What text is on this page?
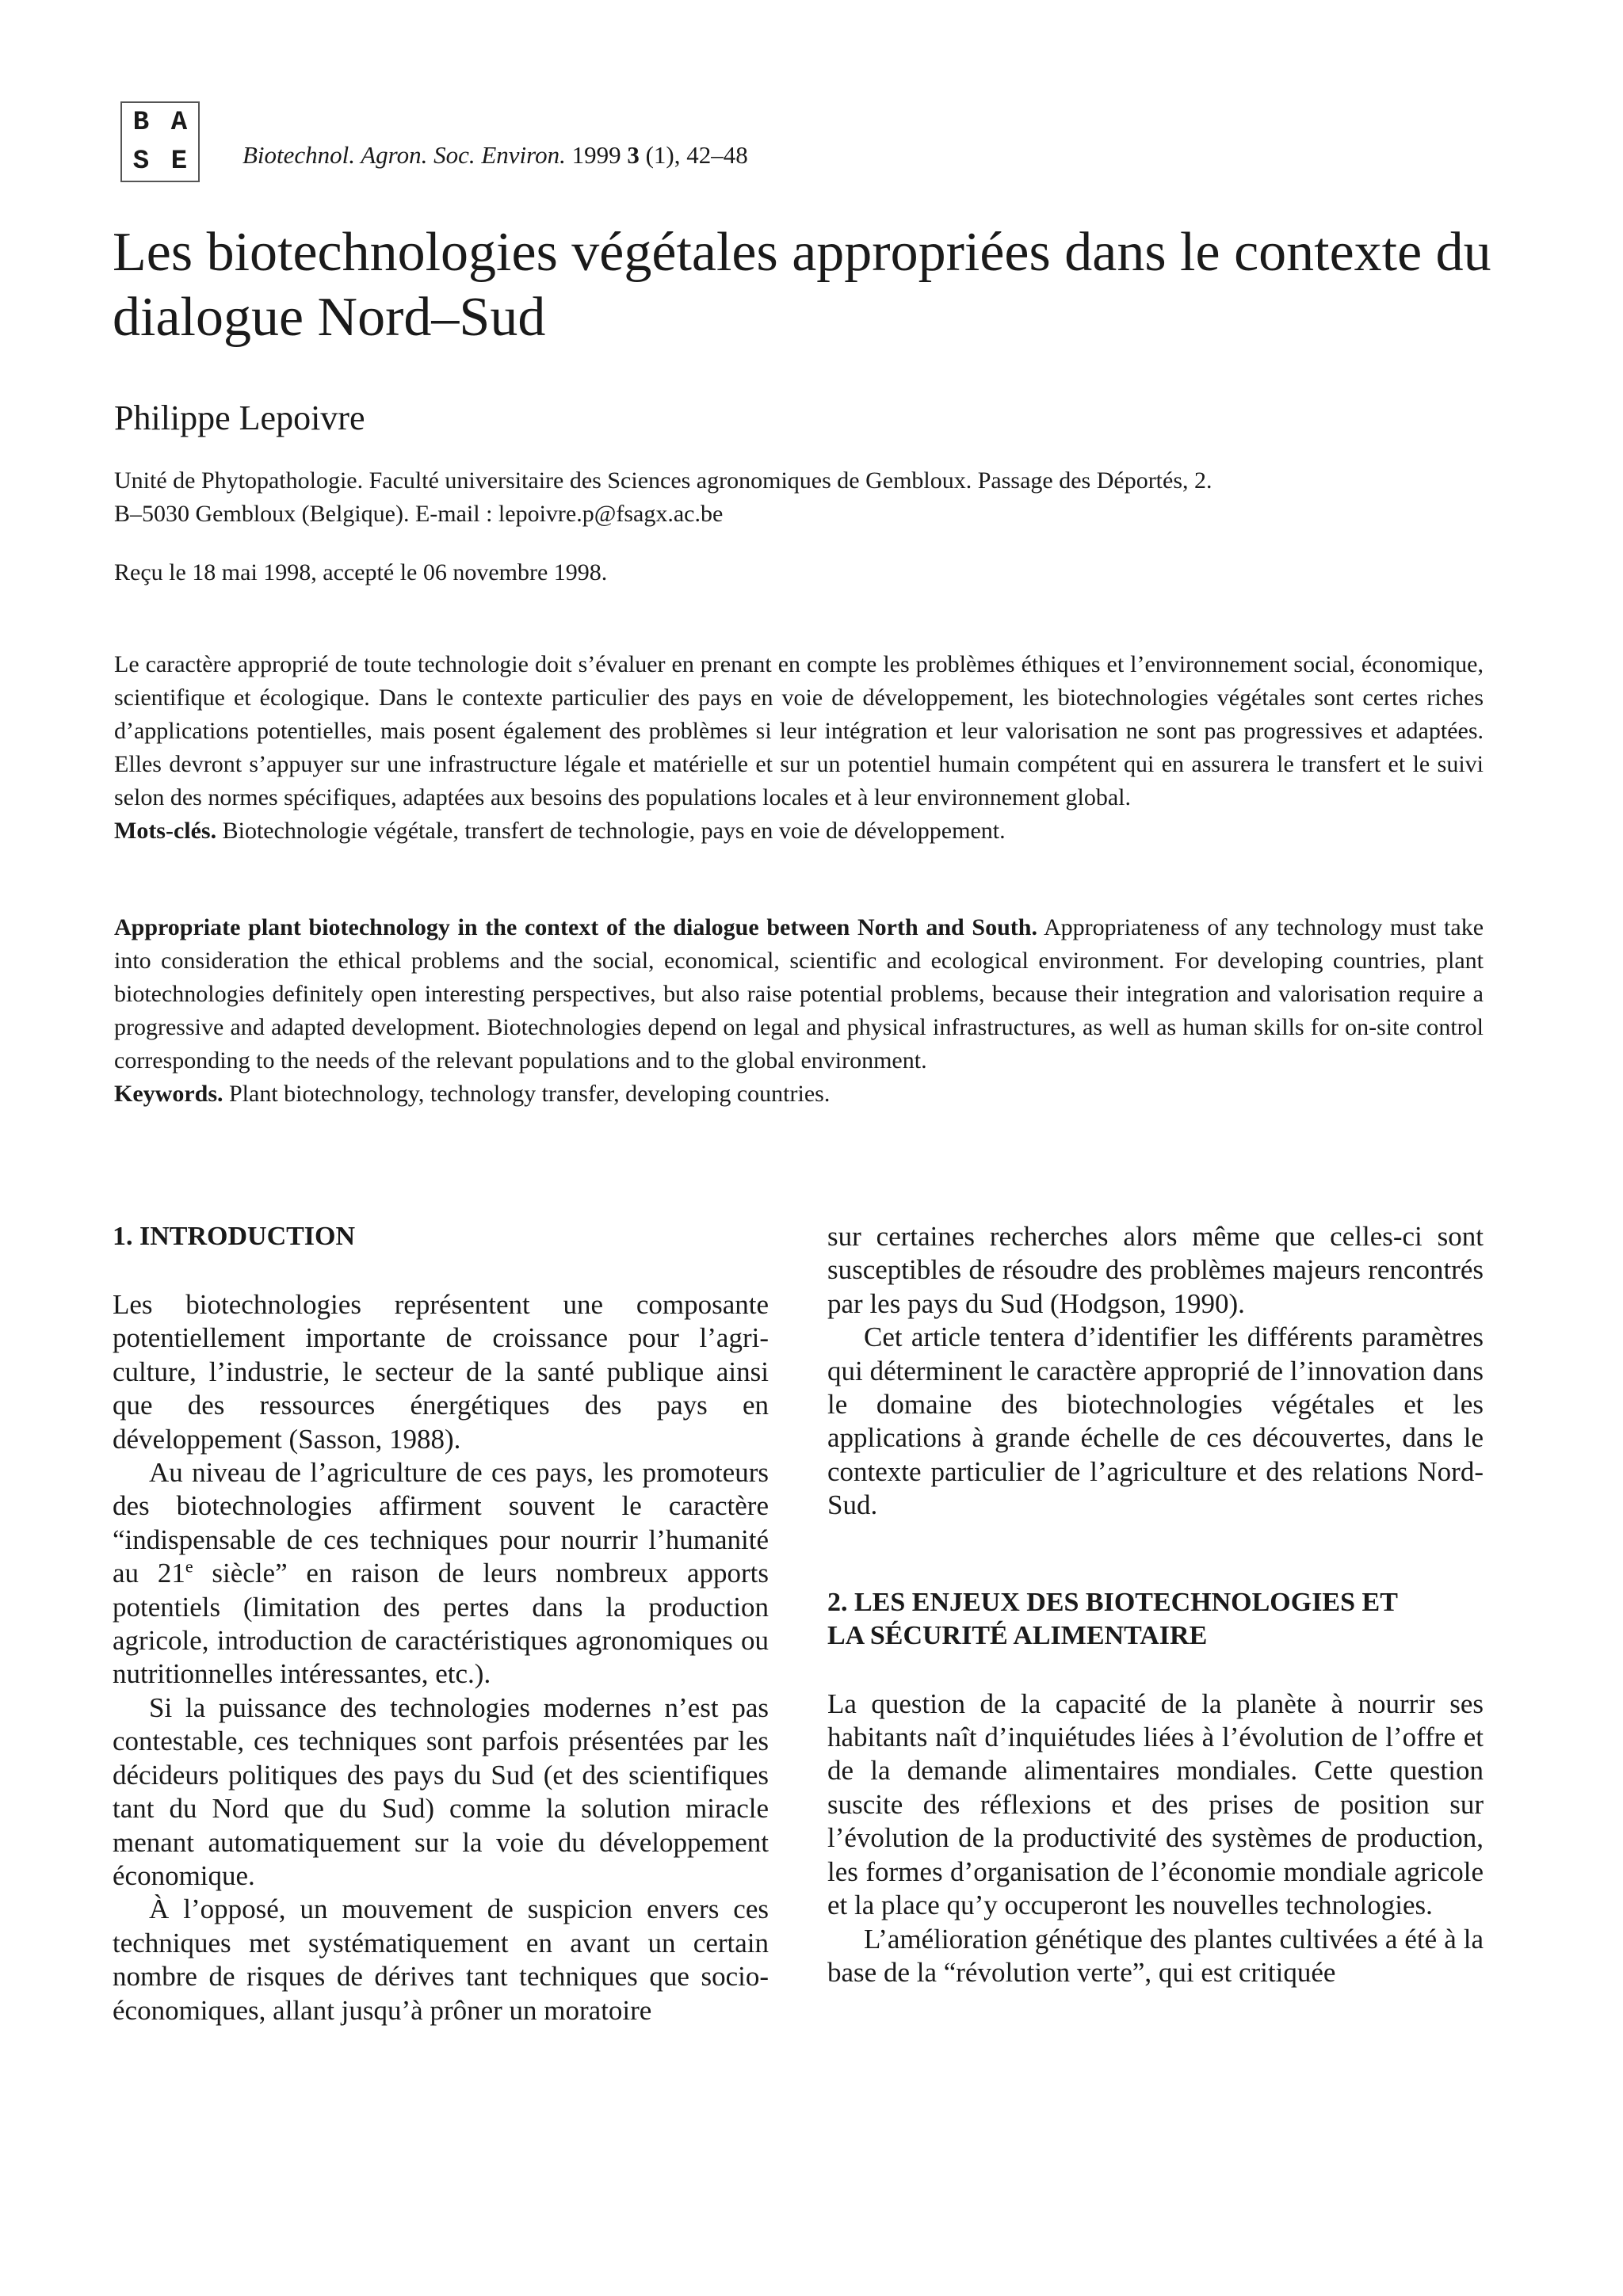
B A
S E	Biotechnol. Agron. Soc. Environ. 1999 3 (1), 42–48
Les biotechnologies végétales appropriées dans le contexte du dialogue Nord–Sud
Philippe Lepoivre
Unité de Phytopathologie. Faculté universitaire des Sciences agronomiques de Gembloux. Passage des Déportés, 2.
B–5030 Gembloux (Belgique). E-mail : lepoivre.p@fsagx.ac.be
Reçu le 18 mai 1998, accepté le 06 novembre 1998.

Le caractère approprié de toute technologie doit s’évaluer en prenant en compte les problèmes éthiques et l’environnement social, économique, scientifique et écologique. Dans le contexte particulier des pays en voie de développement, les biotechnologies végétales sont certes riches d’applications potentielles, mais posent également des problèmes si leur intégration et leur valorisation ne sont pas progressives et adaptées. Elles devront s’appuyer sur une infrastructure légale et matérielle et sur un potentiel humain compétent qui en assurera le transfert et le suivi selon des normes spécifiques, adaptées aux besoins des populations locales et à leur environnement global.

Mots-clés. Biotechnologie végétale, transfert de technologie, pays en voie de développement.

Appropriate plant biotechnology in the context of the dialogue between North and South. Appropriateness of any technology must take into consideration the ethical problems and the social, economical, scientific and ecological environment. For developing countries, plant biotechnologies definitely open interesting perspectives, but also raise potential problems, because their integration and valorisation require a progressive and adapted development. Biotechnologies depend on legal and physical infrastructures, as well as human skills for on-site control corresponding to the needs of the relevant populations and to the global environment.

Keywords. Plant biotechnology, technology transfer, developing countries.

1. INTRODUCTION

Les biotechnologies représentent une composante potentiellement importante de croissance pour l’agri-culture, l’industrie, le secteur de la santé publique ainsi que des ressources énergétiques des pays en développement (Sasson, 1988).

Au niveau de l’agriculture de ces pays, les promoteurs des biotechnologies affirment souvent le caractère “indispensable de ces techniques pour nourrir l’humanité au 21e siècle” en raison de leurs nombreux apports potentiels (limitation des pertes dans la production agricole, introduction de caractéristiques agronomiques ou nutritionnelles intéressantes, etc.).

Si la puissance des technologies modernes n’est pas contestable, ces techniques sont parfois présentées par les décideurs politiques des pays du Sud (et des scientifiques tant du Nord que du Sud) comme la solution miracle menant automatiquement sur la voie du développement économique.

À l’opposé, un mouvement de suspicion envers ces techniques met systématiquement en avant un certain nombre de risques de dérives tant techniques que socio-économiques, allant jusqu’à prôner un moratoire

sur certaines recherches alors même que celles-ci sont susceptibles de résoudre des problèmes majeurs rencontrés par les pays du Sud (Hodgson, 1990).

Cet article tentera d’identifier les différents paramètres qui déterminent le caractère approprié de l’innovation dans le domaine des biotechnologies végétales et les applications à grande échelle de ces découvertes, dans le contexte particulier de l’agriculture et des relations Nord-Sud.

2. LES ENJEUX DES BIOTECHNOLOGIES ET
LA SÉCURITÉ ALIMENTAIRE

La question de la capacité de la planète à nourrir ses habitants naît d’inquiétudes liées à l’évolution de l’offre et de la demande alimentaires mondiales. Cette question suscite des réflexions et des prises de position sur l’évolution de la productivité des systèmes de production, les formes d’organisation de l’économie mondiale agricole et la place qu’y occuperont les nouvelles technologies.

L’amélioration génétique des plantes cultivées a été à la base de la “révolution verte”, qui est critiquée
